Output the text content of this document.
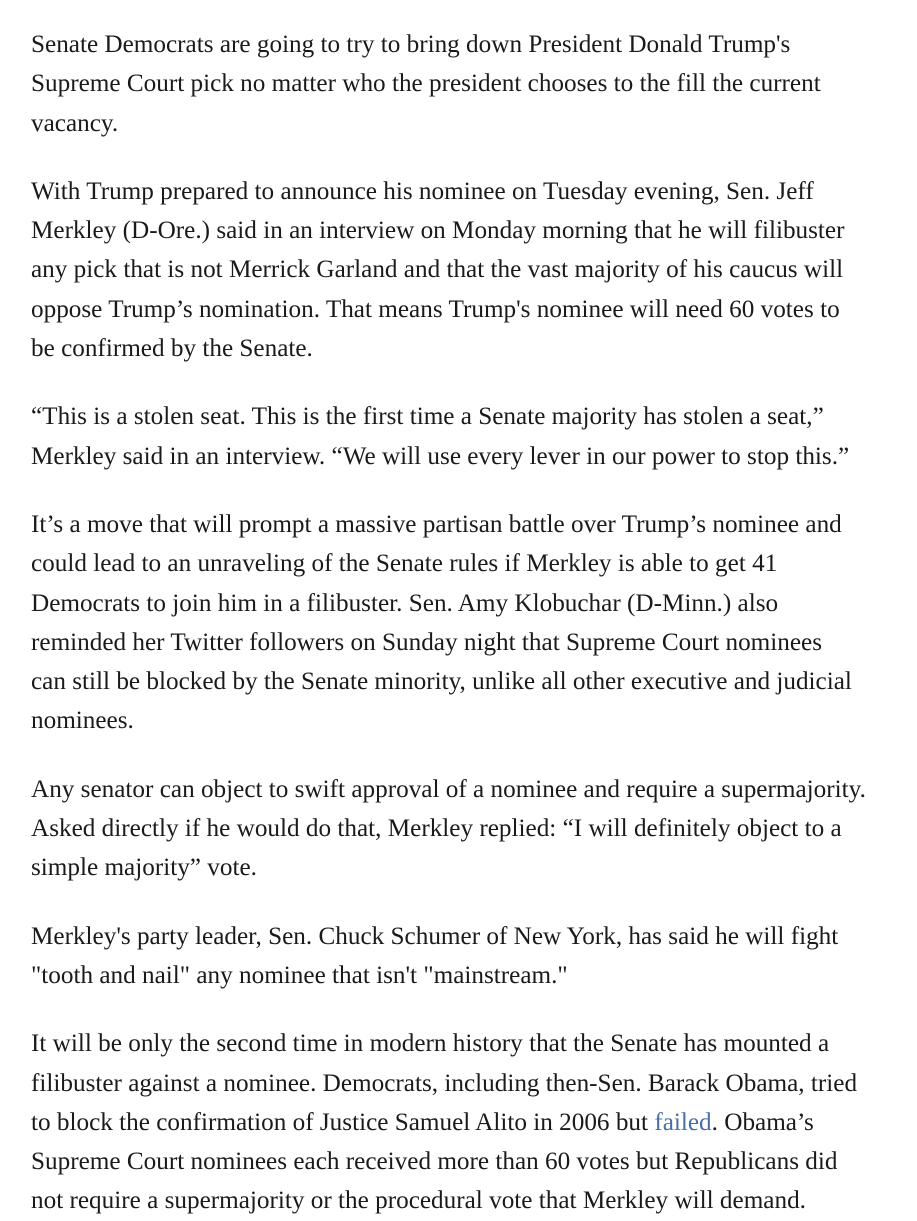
Senate Democrats are going to try to bring down President Donald Trump's
Supreme Court pick no matter who the president chooses to the fill the current
vacancy.

With Trump prepared to announce his nominee on Tuesday evening, Sen. Jeff
Merkley (D-Ore.) said in an interview on Monday morning that he will filibuster
any pick that is not Merrick Garland and that the vast majority of his caucus will
oppose Trump’s nomination. That means Trump's nominee will need 60 votes to
be confirmed by the Senate.

“This is a stolen seat. This is the first time a Senate majority has stolen a seat,”
Merkley said in an interview. “We will use every lever in our power to stop this.”

It’s a move that will prompt a massive partisan battle over Trump’s nominee and
could lead to an unraveling of the Senate rules if Merkley is able to get 41
Democrats to join him in a filibuster. Sen. Amy Klobuchar (D-Minn.) also
reminded her Twitter followers on Sunday night that Supreme Court nominees
can still be blocked by the Senate minority, unlike all other executive and judicial
nominees.

Any senator can object to swift approval of a nominee and require a supermajority.
Asked directly if he would do that, Merkley replied: “I will definitely object to a
simple majority” vote.

Merkley's party leader, Sen. Chuck Schumer of New York, has said he will fight
"tooth and nail" any nominee that isn't "mainstream."

It will be only the second time in modern history that the Senate has mounted a
filibuster against a nominee. Democrats, including then-Sen. Barack Obama, tried
to block the confirmation of Justice Samuel Alito in 2006 but failed. Obama’s
Supreme Court nominees each received more than 60 votes but Republicans did
not require a supermajority or the procedural vote that Merkley will demand.
